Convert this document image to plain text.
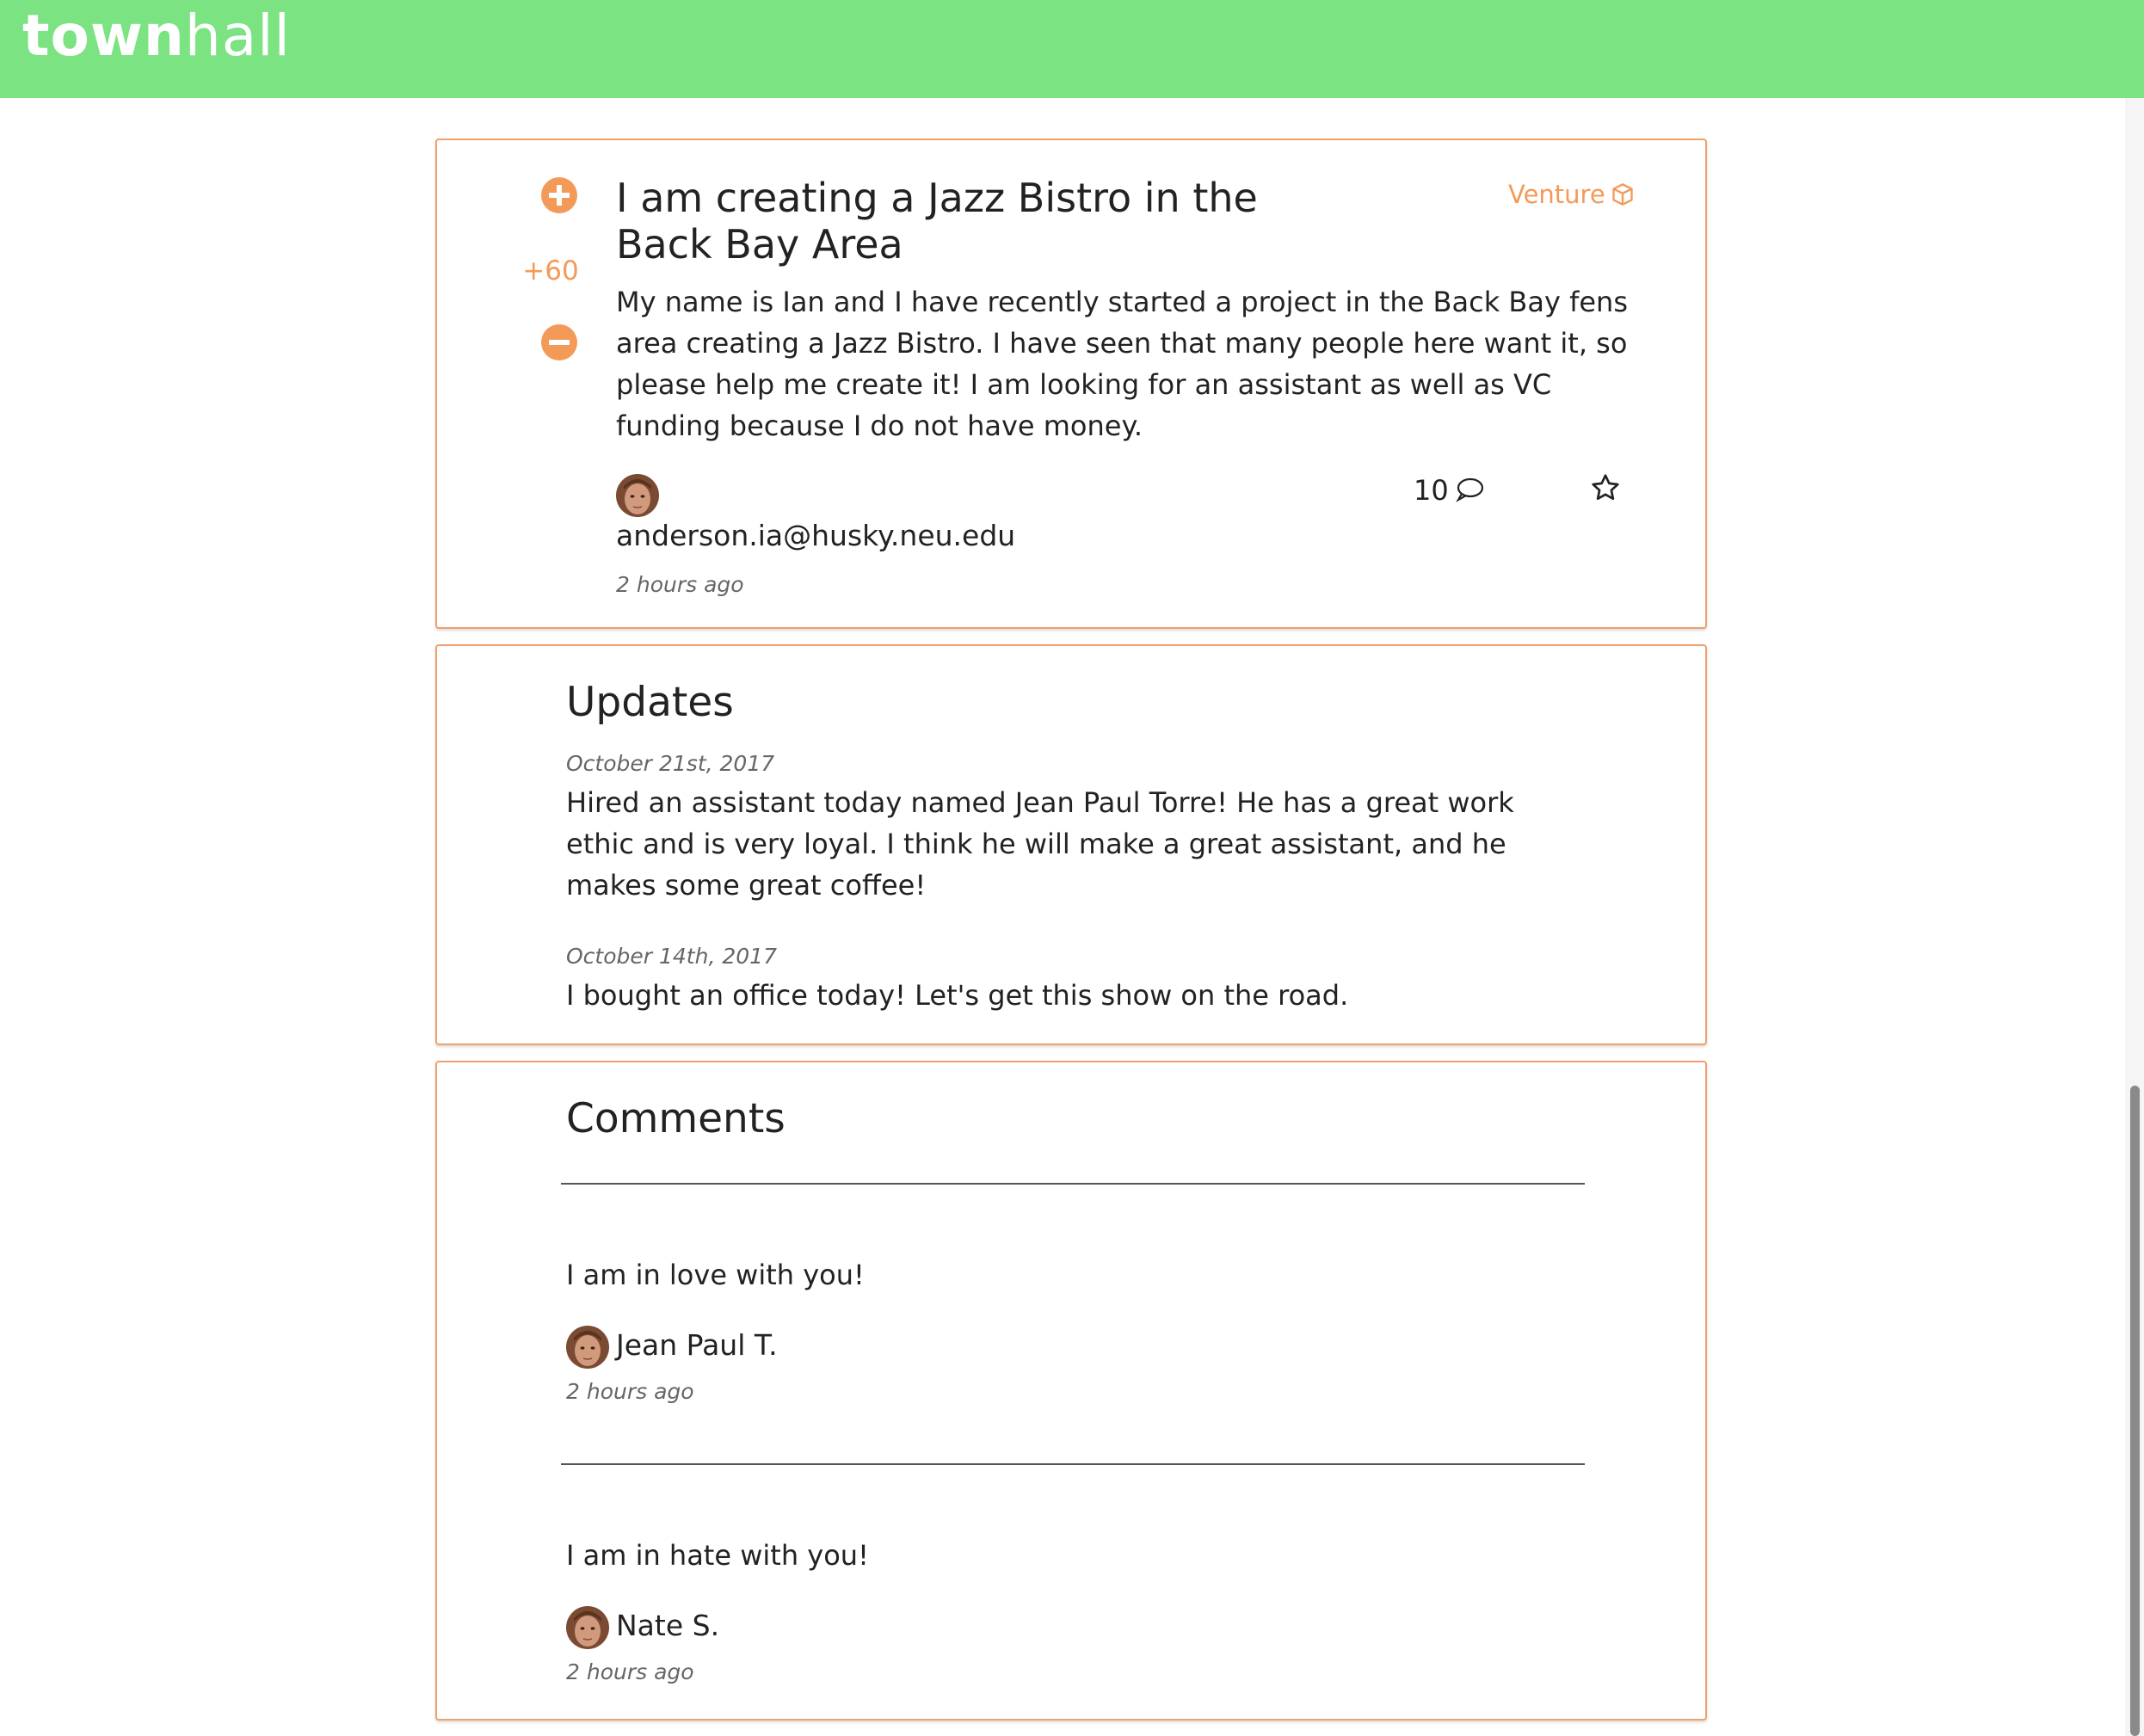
townhall
+60
I am creating a Jazz Bistro in the Back Bay Area
Venture

My name is Ian and I have recently started a project in the Back Bay fens area creating a Jazz Bistro. I have seen that many people here want it, so please help me create it! I am looking for an assistant as well as VC funding because I do not have money.

anderson.ia@husky.neu.edu
2 hours ago
10
Updates
October 21st, 2017

Hired an assistant today named Jean Paul Torre! He has a great work ethic and is very loyal. I think he will make a great assistant, and he makes some great coffee!

October 14th, 2017

I bought an office today! Let's get this show on the road.

Comments
I am in love with you!
Jean Paul T.
2 hours ago
I am in hate with you!
Nate S.
2 hours ago
